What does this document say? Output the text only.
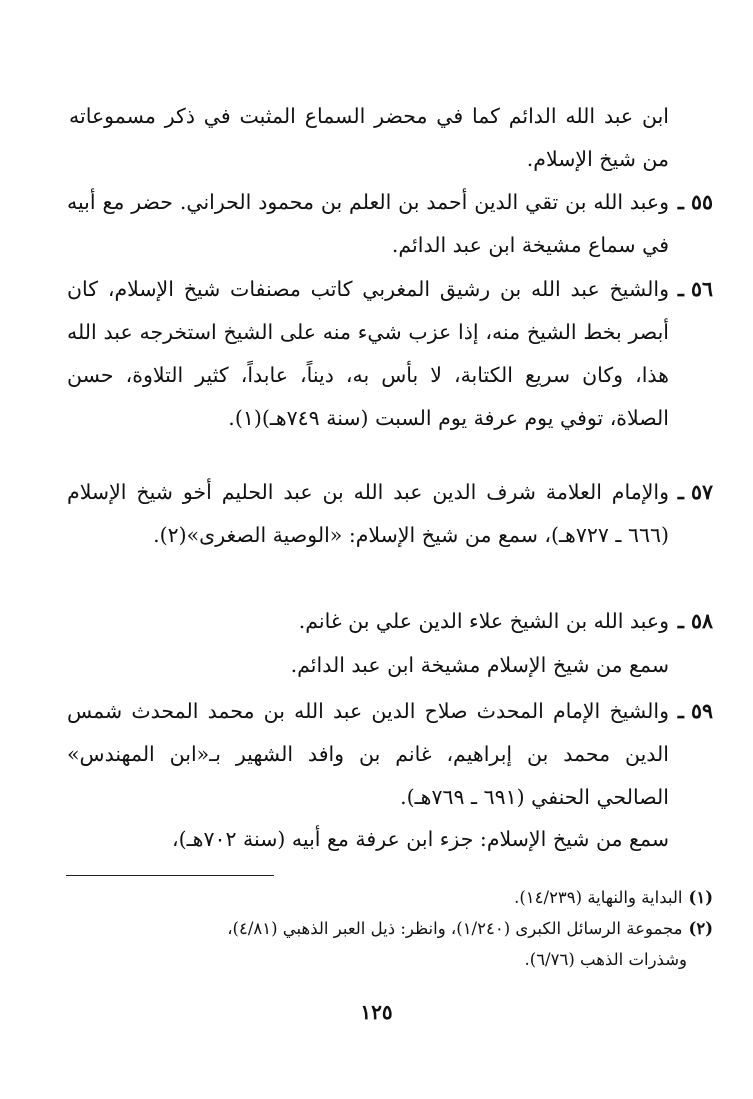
ابن عبد الله الدائم كما في محضر السماع المثبت في ذكر مسموعاته من شيخ الإسلام.
٥٥ ـ
وعبد الله بن تقي الدين أحمد بن العلم بن محمود الحراني. حضر مع أبيه في سماع مشيخة ابن عبد الدائم.
٥٦ ـ
والشيخ عبد الله بن رشيق المغربي كاتب مصنفات شيخ الإسلام، كان أبصر بخط الشيخ منه، إذا عزب شيء منه على الشيخ استخرجه عبد الله هذا، وكان سريع الكتابة، لا بأس به، ديناً، عابداً، كثير التلاوة، حسن الصلاة، توفي يوم عرفة يوم السبت (سنة ٧٤٩هـ)(١).
٥٧ ـ
والإمام العلامة شرف الدين عبد الله بن عبد الحليم أخو شيخ الإسلام (٦٦٦ ـ ٧٢٧هـ)، سمع من شيخ الإسلام: «الوصية الصغرى»(٢).
٥٨ ـ
وعبد الله بن الشيخ علاء الدين علي بن غانم.
سمع من شيخ الإسلام مشيخة ابن عبد الدائم.
٥٩ ـ
والشيخ الإمام المحدث صلاح الدين عبد الله بن محمد المحدث شمس الدين محمد بن إبراهيم، غانم بن وافد الشهير بـ«ابن المهندس» الصالحي الحنفي (٦٩١ ـ ٧٦٩هـ).
سمع من شيخ الإسلام: جزء ابن عرفة مع أبيه (سنة ٧٠٢هـ)،
(١)البداية والنهاية (١٤/٢٣٩).
(٢)مجموعة الرسائل الكبرى (١/٢٤٠)، وانظر: ذيل العبر الذهبي (٤/٨١)،
وشذرات الذهب (٦/٧٦).
١٢٥
